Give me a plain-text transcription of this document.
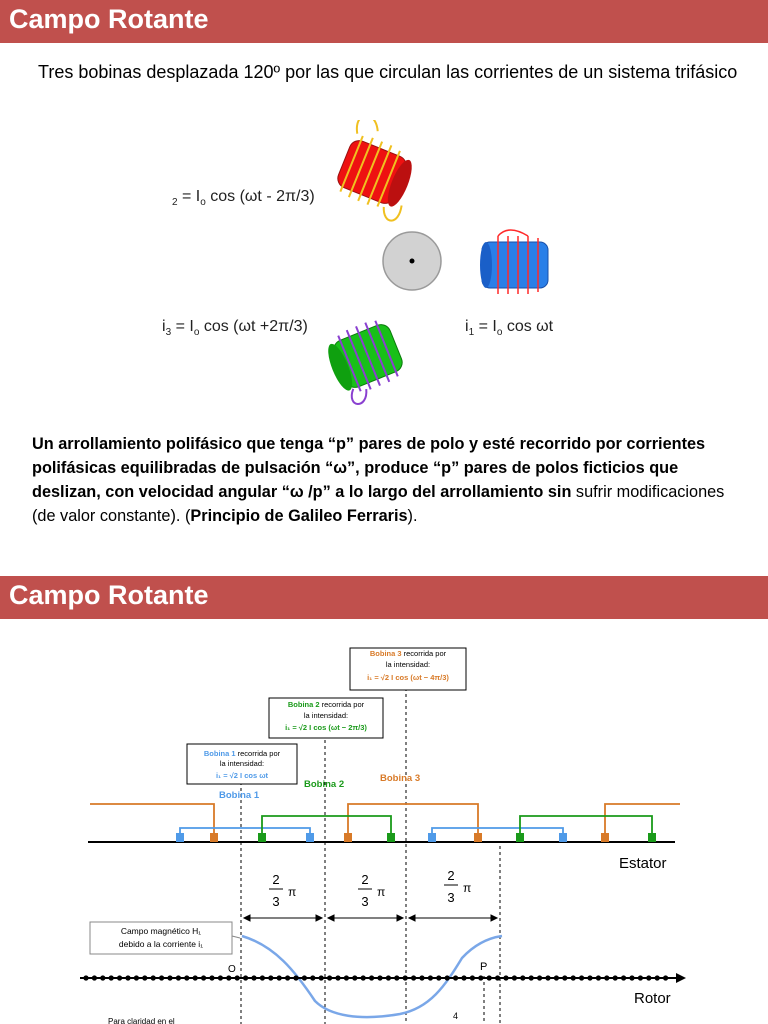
Campo Rotante
Tres bobinas desplazada 120º por las que circulan las corrientes de un sistema trifásico
$_2 = I_o$ cos (ωt - 2π/3)
$i_3 = I_o$ cos (ωt +2π/3)	$i_1 = I_o$ cos ωt
Un arrollamiento polifásico que tenga “p” pares de polo y esté recorrido por corrientes polifásicas equilibradas de pulsación “ω”, produce “p” pares de polos ficticios que deslizan, con velocidad angular “ω /p” a lo largo del arrollamiento sin sufrir modificaciones (de valor constante). (Principio de Galileo Ferraris).
Campo Rotante
Bobina 3 recorrida por
la intensidad:
i₁ = √2 I cos (ωt − 4π/3)
Bobina 2 recorrida por
la intensidad:
i₁ = √2 I cos (ωt − 2π/3)
Bobina 1 recorrida por
la intensidad:
i₁ = √2 I cos ωt
Bobina 1
Bobina 2
Bobina 3
Estator
2
3
π
2
3
π
2
3
π
Campo magnético H₁
debido a la corriente i₁
O	P
Rotor
4
Para claridad en el
